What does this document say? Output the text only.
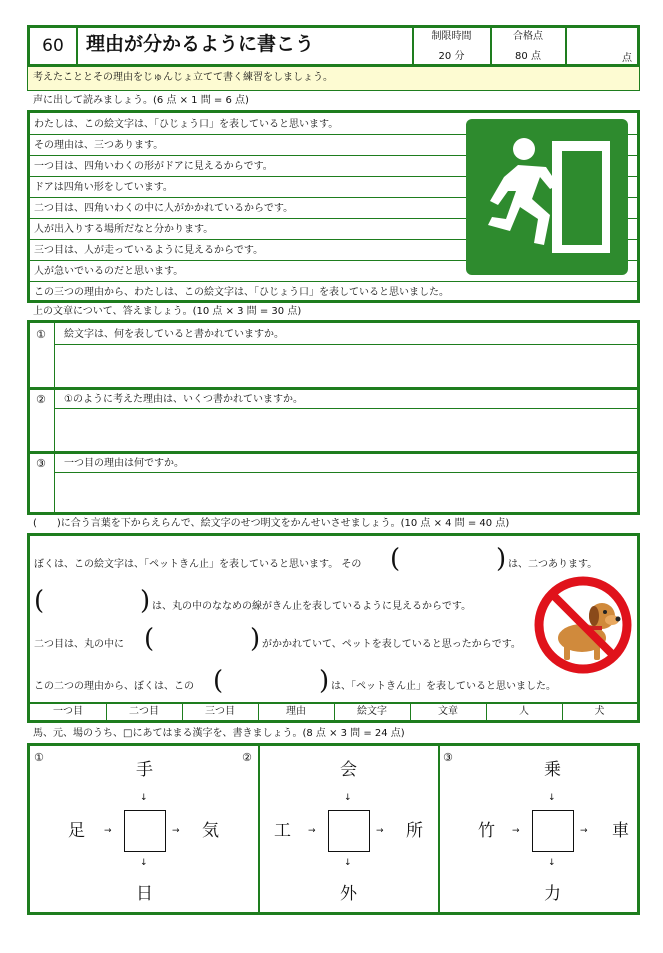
60	理由が分かるように書こう	制限時間
20 分
合格点
80 点	点
考えたこととその理由をじゅんじょ立てて書く練習をしましょう。
声に出して読みましょう。(6 点 × 1 問 = 6 点)
わたしは、この絵文字は、「ひじょう口」を表していると思います。
その理由は、三つあります。
一つ目は、四角いわくの形がドアに見えるからです。
ドアは四角い形をしています。
二つ目は、四角いわくの中に人がかかれているからです。
人が出入りする場所だなと分かります。
三つ目は、人が走っているように見えるからです。
人が急いでいるのだと思います。
この三つの理由から、わたしは、この絵文字は、「ひじょう口」を表していると思いました。
上の文章について、答えましょう。(10 点 × 3 問 = 30 点)
① 絵文字は、何を表していると書かれていますか。
② ①のように考えた理由は、いくつ書かれていますか。
③ 一つ目の理由は何ですか。
(　　)に合う言葉を下からえらんで、絵文字のせつ明文をかんせいさせましょう。(10 点 × 4 問 = 40 点)
ぼくは、この絵文字は、「ペットきん止」を表していると思います。 その (	) は、二つあります。
(	) は、丸の中のななめの線がきん止を表しているように見えるからです。
二つ目は、丸の中に (	) がかかれていて、ペットを表していると思ったからです。
この二つの理由から、ぼくは、この (	) は、「ペットきん止」を表していると思いました。
一つ目	二つ目	三つ目	理由	絵文字	文章	人	犬
馬、元、場のうち、□にあてはまる漢字を、書きましょう。(8 点 × 3 問 = 24 点)
①
手
↓
足 →	→ 気
↓
日
②
会
↓
工 →	→ 所
↓
外
③
乗
↓
竹 →	→ 車
↓
力
